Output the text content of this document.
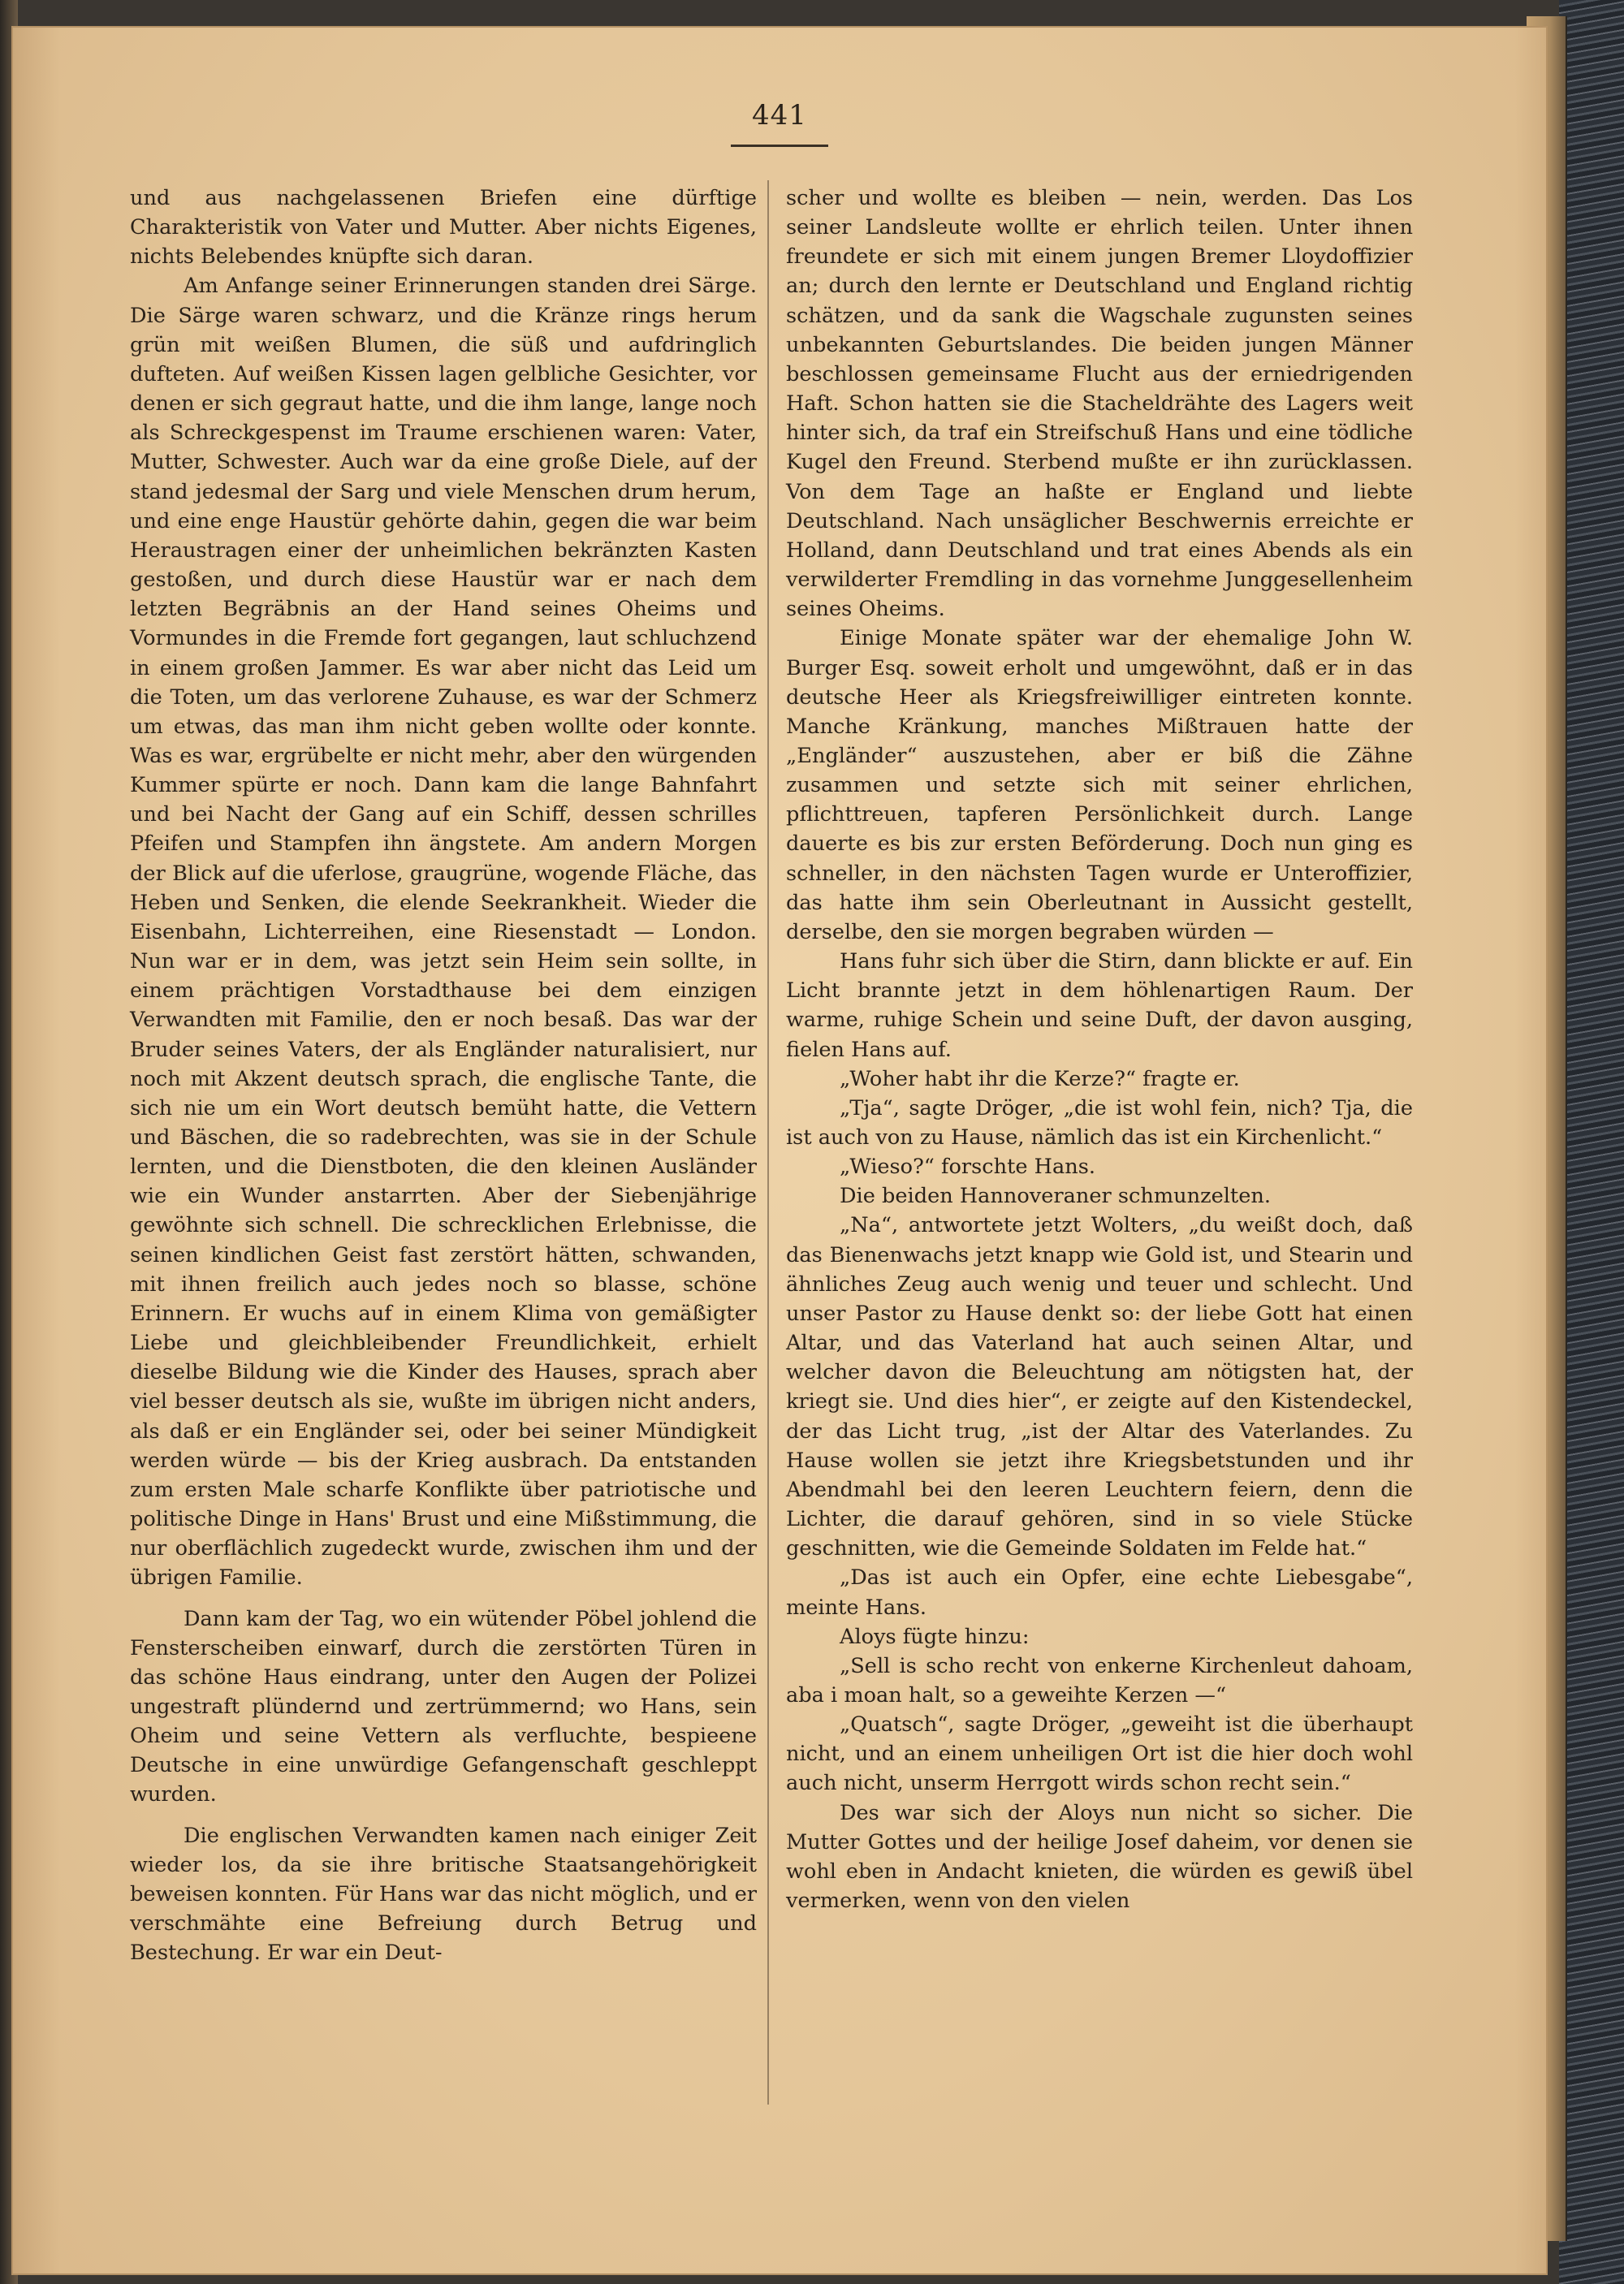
441

und aus nachgelassenen Briefen eine dürftige Charakteristik von Vater und Mutter. Aber nichts Eigenes, nichts Belebendes knüpfte sich daran.

Am Anfange seiner Erinnerungen standen drei Särge. Die Särge waren schwarz, und die Kränze rings herum grün mit weißen Blumen, die süß und aufdringlich dufteten. Auf weißen Kissen lagen gelbliche Gesichter, vor denen er sich gegraut hatte, und die ihm lange, lange noch als Schreckgespenst im Traume erschienen waren: Vater, Mutter, Schwester. Auch war da eine große Diele, auf der stand jedesmal der Sarg und viele Menschen drum herum, und eine enge Haustür gehörte dahin, gegen die war beim Heraustragen einer der unheimlichen bekränzten Kasten gestoßen, und durch diese Haustür war er nach dem letzten Begräbnis an der Hand seines Oheims und Vormundes in die Fremde fort gegangen, laut schluchzend in einem großen Jammer. Es war aber nicht das Leid um die Toten, um das verlorene Zuhause, es war der Schmerz um etwas, das man ihm nicht geben wollte oder konnte. Was es war, ergrübelte er nicht mehr, aber den würgenden Kummer spürte er noch. Dann kam die lange Bahnfahrt und bei Nacht der Gang auf ein Schiff, dessen schrilles Pfeifen und Stampfen ihn ängstete. Am andern Morgen der Blick auf die uferlose, graugrüne, wogende Fläche, das Heben und Senken, die elende Seekrankheit. Wieder die Eisenbahn, Lichterreihen, eine Riesenstadt — London. Nun war er in dem, was jetzt sein Heim sein sollte, in einem prächtigen Vorstadthause bei dem einzigen Verwandten mit Familie, den er noch besaß. Das war der Bruder seines Vaters, der als Engländer naturalisiert, nur noch mit Akzent deutsch sprach, die englische Tante, die sich nie um ein Wort deutsch bemüht hatte, die Vettern und Bäschen, die so radebrechten, was sie in der Schule lernten, und die Dienstboten, die den kleinen Ausländer wie ein Wunder anstarrten. Aber der Siebenjährige gewöhnte sich schnell. Die schrecklichen Erlebnisse, die seinen kindlichen Geist fast zerstört hätten, schwanden, mit ihnen freilich auch jedes noch so blasse, schöne Erinnern. Er wuchs auf in einem Klima von gemäßigter Liebe und gleichbleibender Freundlichkeit, erhielt dieselbe Bildung wie die Kinder des Hauses, sprach aber viel besser deutsch als sie, wußte im übrigen nicht anders, als daß er ein Engländer sei, oder bei seiner Mündigkeit werden würde — bis der Krieg ausbrach. Da entstanden zum ersten Male scharfe Konflikte über patriotische und politische Dinge in Hans' Brust und eine Mißstimmung, die nur oberflächlich zugedeckt wurde, zwischen ihm und der übrigen Familie.

Dann kam der Tag, wo ein wütender Pöbel johlend die Fensterscheiben einwarf, durch die zerstörten Türen in das schöne Haus eindrang, unter den Augen der Polizei ungestraft plündernd und zertrümmernd; wo Hans, sein Oheim und seine Vettern als verfluchte, bespieene Deutsche in eine unwürdige Gefangenschaft geschleppt wurden.

Die englischen Verwandten kamen nach einiger Zeit wieder los, da sie ihre britische Staatsangehörigkeit beweisen konnten. Für Hans war das nicht möglich, und er verschmähte eine Befreiung durch Betrug und Bestechung. Er war ein Deut-

scher und wollte es bleiben — nein, werden. Das Los seiner Landsleute wollte er ehrlich teilen. Unter ihnen freundete er sich mit einem jungen Bremer Lloydoffizier an; durch den lernte er Deutschland und England richtig schätzen, und da sank die Wagschale zugunsten seines unbekannten Geburtslandes. Die beiden jungen Männer beschlossen gemeinsame Flucht aus der erniedrigenden Haft. Schon hatten sie die Stacheldrähte des Lagers weit hinter sich, da traf ein Streifschuß Hans und eine tödliche Kugel den Freund. Sterbend mußte er ihn zurücklassen. Von dem Tage an haßte er England und liebte Deutschland. Nach unsäglicher Beschwernis erreichte er Holland, dann Deutschland und trat eines Abends als ein verwilderter Fremdling in das vornehme Junggesellenheim seines Oheims.

Einige Monate später war der ehemalige John W. Burger Esq. soweit erholt und umgewöhnt, daß er in das deutsche Heer als Kriegsfreiwilliger eintreten konnte. Manche Kränkung, manches Mißtrauen hatte der „Engländer“ auszustehen, aber er biß die Zähne zusammen und setzte sich mit seiner ehrlichen, pflichttreuen, tapferen Persönlichkeit durch. Lange dauerte es bis zur ersten Beförderung. Doch nun ging es schneller, in den nächsten Tagen wurde er Unteroffizier, das hatte ihm sein Oberleutnant in Aussicht gestellt, derselbe, den sie morgen begraben würden —

Hans fuhr sich über die Stirn, dann blickte er auf. Ein Licht brannte jetzt in dem höhlenartigen Raum. Der warme, ruhige Schein und seine Duft, der davon ausging, fielen Hans auf.

„Woher habt ihr die Kerze?“ fragte er.

„Tja“, sagte Dröger, „die ist wohl fein, nich? Tja, die ist auch von zu Hause, nämlich das ist ein Kirchenlicht.“

„Wieso?“ forschte Hans.

Die beiden Hannoveraner schmunzelten.

„Na“, antwortete jetzt Wolters, „du weißt doch, daß das Bienenwachs jetzt knapp wie Gold ist, und Stearin und ähnliches Zeug auch wenig und teuer und schlecht. Und unser Pastor zu Hause denkt so: der liebe Gott hat einen Altar, und das Vaterland hat auch seinen Altar, und welcher davon die Beleuchtung am nötigsten hat, der kriegt sie. Und dies hier“, er zeigte auf den Kistendeckel, der das Licht trug, „ist der Altar des Vaterlandes. Zu Hause wollen sie jetzt ihre Kriegsbetstunden und ihr Abendmahl bei den leeren Leuchtern feiern, denn die Lichter, die darauf gehören, sind in so viele Stücke geschnitten, wie die Gemeinde Soldaten im Felde hat.“

„Das ist auch ein Opfer, eine echte Liebesgabe“, meinte Hans.

Aloys fügte hinzu:

„Sell is scho recht von enkerne Kirchenleut dahoam, aba i moan halt, so a geweihte Kerzen —“

„Quatsch“, sagte Dröger, „geweiht ist die überhaupt nicht, und an einem unheiligen Ort ist die hier doch wohl auch nicht, unserm Herrgott wirds schon recht sein.“

Des war sich der Aloys nun nicht so sicher. Die Mutter Gottes und der heilige Josef daheim, vor denen sie wohl eben in Andacht knieten, die würden es gewiß übel vermerken, wenn von den vielen
